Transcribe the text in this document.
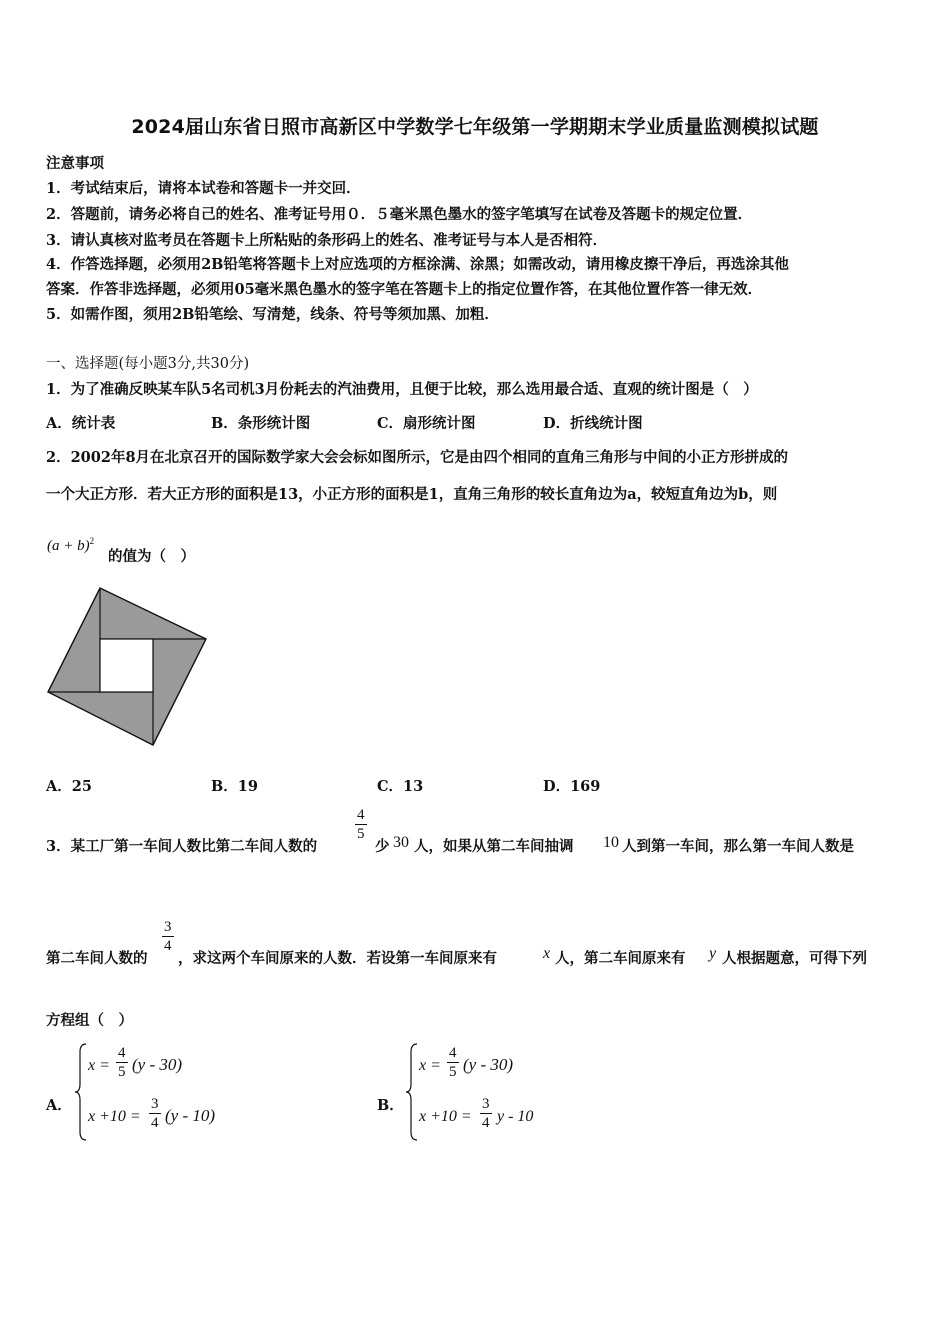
2024届山东省日照市高新区中学数学七年级第一学期期末学业质量监测模拟试题
注意事项
1．考试结束后，请将本试卷和答题卡一并交回．
2．答题前，请务必将自己的姓名、准考证号用０．５毫米黑色墨水的签字笔填写在试卷及答题卡的规定位置．
3．请认真核对监考员在答题卡上所粘贴的条形码上的姓名、准考证号与本人是否相符．
4．作答选择题，必须用2B铅笔将答题卡上对应选项的方框涂满、涂黑；如需改动，请用橡皮擦干净后，再选涂其他
答案．作答非选择题，必须用05毫米黑色墨水的签字笔在答题卡上的指定位置作答，在其他位置作答一律无效．
5．如需作图，须用2B铅笔绘、写清楚，线条、符号等须加黑、加粗．
一、选择题(每小题3分,共30分)
1．为了准确反映某车队5名司机3月份耗去的汽油费用，且便于比较，那么选用最合适、直观的统计图是（　）
A．统计表	B．条形统计图	C．扇形统计图	D．折线统计图
2．2002年8月在北京召开的国际数学家大会会标如图所示，它是由四个相同的直角三角形与中间的小正方形拼成的
一个大正方形．若大正方形的面积是13，小正方形的面积是1，直角三角形的较长直角边为a，较短直角边为b，则
$(a + b)^2$
的值为（　）
A．25	B．19	C．13	D．169
3．某工厂第一车间人数比第二车间人数的
$\frac{4}{5}$
少 30 人，如果从第二车间抽调 10 人到第一车间，那么第一车间人数是
第二车间人数的
$\frac{3}{4}$
，求这两个车间原来的人数．若设第一车间原来有	x 人，第二车间原来有 y 人根据题意，可得下列
方程组（　）
A．
$x = \frac{4}{5} (y - 30)$
$x +10 = \frac{3}{4} (y - 10)$
B．
$x = \frac{4}{5} (y - 30)$
$x +10 = \frac{3}{4}$ y - 10
